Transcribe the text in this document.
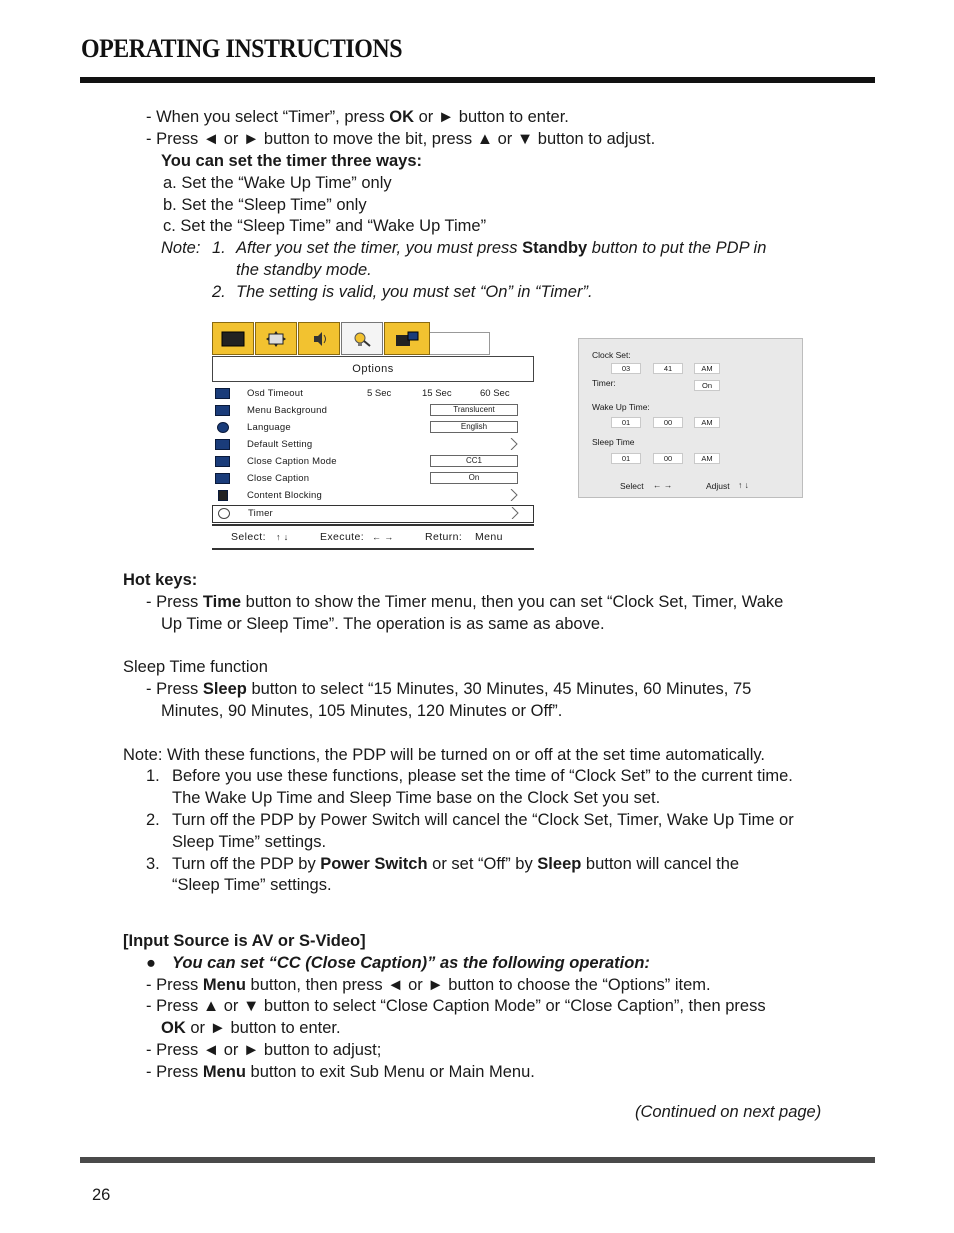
OPERATING INSTRUCTIONS
- When you select “Timer”, press OK or ► button to enter.
- Press ◄ or ► button to move the bit, press ▲ or ▼ button to adjust.
You can set the timer three ways:
a. Set the “Wake Up Time” only
b. Set the “Sleep Time” only
c. Set the “Sleep Time” and “Wake Up Time”
Note: 1. After you set the timer, you must press Standby button to put the PDP in
the standby mode.
2. The setting is valid, you must set “On” in “Timer”.
Options
Osd Timeout	5 Sec	15 Sec	60 Sec
Menu Background	Translucent
Language	English
Default Setting
Close Caption Mode	CC1
Close Caption	On
Content Blocking
Timer
Select: ↑ ↓	Execute: ← →	Return: Menu
Clock Set:
03	41	AM
Timer:	On
Wake Up Time:
01	00	AM
Sleep Time
01	00	AM
Select ← →	Adjust ↑ ↓
Hot keys:
- Press Time button to show the Timer menu, then you can set “Clock Set, Timer, Wake
Up Time or Sleep Time”. The operation is as same as above.
Sleep Time function
- Press Sleep button to select “15 Minutes, 30 Minutes, 45 Minutes, 60 Minutes, 75
Minutes, 90 Minutes, 105 Minutes, 120 Minutes or Off”.
Note: With these functions, the PDP will be turned on or off at the set time automatically.
1. Before you use these functions, please set the time of “Clock Set” to the current time.
The Wake Up Time and Sleep Time base on the Clock Set you set.
2. Turn off the PDP by Power Switch will cancel the “Clock Set, Timer, Wake Up Time or
Sleep Time” settings.
3. Turn off the PDP by Power Switch or set “Off” by Sleep button will cancel the
“Sleep Time” settings.
[Input Source is AV or S-Video]
● You can set “CC (Close Caption)” as the following operation:
- Press Menu button, then press ◄ or ► button to choose the “Options” item.
- Press ▲ or ▼ button to select “Close Caption Mode” or “Close Caption”, then press
OK or ► button to enter.
- Press ◄ or ► button to adjust;
- Press Menu button to exit Sub Menu or Main Menu.
(Continued on next page)
26
